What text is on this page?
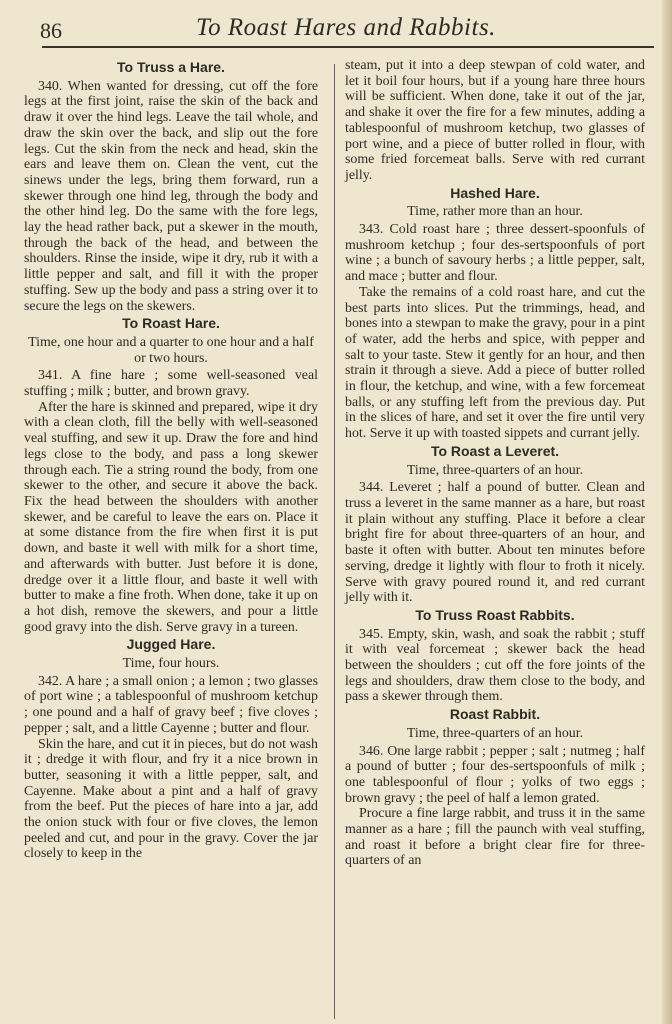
86	To Roast Hares and Rabbits.
To Truss a Hare.

340. When wanted for dressing, cut off the fore legs at the first joint, raise the skin of the back and draw it over the hind legs. Leave the tail whole, and draw the skin over the back, and slip out the fore legs. Cut the skin from the neck and head, skin the ears and leave them on. Clean the vent, cut the sinews under the legs, bring them forward, run a skewer through one hind leg, through the body and the other hind leg. Do the same with the fore legs, lay the head rather back, put a skewer in the mouth, through the back of the head, and between the shoulders. Rinse the inside, wipe it dry, rub it with a little pepper and salt, and fill it with the proper stuffing. Sew up the body and pass a string over it to secure the legs on the skewers.

To Roast Hare.
Time, one hour and a quarter to one hour and a half or two hours.

341. A fine hare ; some well-seasoned veal stuffing ; milk ; butter, and brown gravy.

After the hare is skinned and prepared, wipe it dry with a clean cloth, fill the belly with well-seasoned veal stuffing, and sew it up. Draw the fore and hind legs close to the body, and pass a long skewer through each. Tie a string round the body, from one skewer to the other, and secure it above the back. Fix the head between the shoulders with another skewer, and be careful to leave the ears on. Place it at some distance from the fire when first it is put down, and baste it well with milk for a short time, and afterwards with butter. Just before it is done, dredge over it a little flour, and baste it well with butter to make a fine froth. When done, take it up on a hot dish, remove the skewers, and pour a little good gravy into the dish. Serve gravy in a tureen.

Jugged Hare.
Time, four hours.

342. A hare ; a small onion ; a lemon ; two glasses of port wine ; a tablespoonful of mushroom ketchup ; one pound and a half of gravy beef ; five cloves ; pepper ; salt, and a little Cayenne ; butter and flour.

Skin the hare, and cut it in pieces, but do not wash it ; dredge it with flour, and fry it a nice brown in butter, seasoning it with a little pepper, salt, and Cayenne. Make about a pint and a half of gravy from the beef. Put the pieces of hare into a jar, add the onion stuck with four or five cloves, the lemon peeled and cut, and pour in the gravy. Cover the jar closely to keep in the

steam, put it into a deep stewpan of cold water, and let it boil four hours, but if a young hare three hours will be sufficient. When done, take it out of the jar, and shake it over the fire for a few minutes, adding a tablespoonful of mushroom ketchup, two glasses of port wine, and a piece of butter rolled in flour, with some fried forcemeat balls. Serve with red currant jelly.

Hashed Hare.
Time, rather more than an hour.

343. Cold roast hare ; three dessert-spoonfuls of mushroom ketchup ; four des-sertspoonfuls of port wine ; a bunch of savoury herbs ; a little pepper, salt, and mace ; butter and flour.

Take the remains of a cold roast hare, and cut the best parts into slices. Put the trimmings, head, and bones into a stewpan to make the gravy, pour in a pint of water, add the herbs and spice, with pepper and salt to your taste. Stew it gently for an hour, and then strain it through a sieve. Add a piece of butter rolled in flour, the ketchup, and wine, with a few forcemeat balls, or any stuffing left from the previous day. Put in the slices of hare, and set it over the fire until very hot. Serve it up with toasted sippets and currant jelly.

To Roast a Leveret.
Time, three-quarters of an hour.

344. Leveret ; half a pound of butter. Clean and truss a leveret in the same manner as a hare, but roast it plain without any stuffing. Place it before a clear bright fire for about three-quarters of an hour, and baste it often with butter. About ten minutes before serving, dredge it lightly with flour to froth it nicely. Serve with gravy poured round it, and red currant jelly with it.

To Truss Roast Rabbits.

345. Empty, skin, wash, and soak the rabbit ; stuff it with veal forcemeat ; skewer back the head between the shoulders ; cut off the fore joints of the legs and shoulders, draw them close to the body, and pass a skewer through them.

Roast Rabbit.
Time, three-quarters of an hour.

346. One large rabbit ; pepper ; salt ; nutmeg ; half a pound of butter ; four des-sertspoonfuls of milk ; one tablespoonful of flour ; yolks of two eggs ; brown gravy ; the peel of half a lemon grated.

Procure a fine large rabbit, and truss it in the same manner as a hare ; fill the paunch with veal stuffing, and roast it before a bright clear fire for three-quarters of an
